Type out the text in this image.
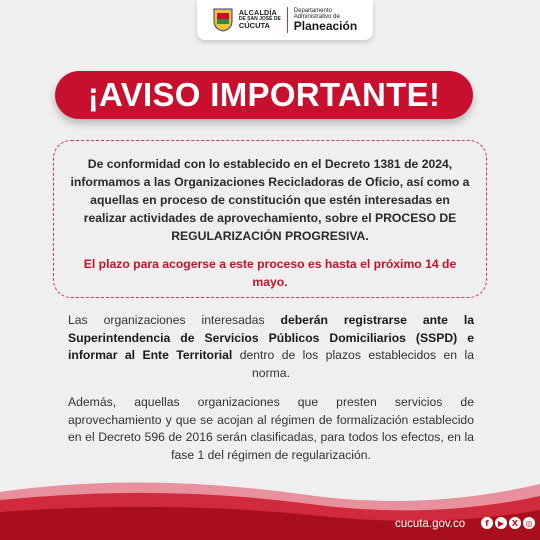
ALCALDÍA
DE SAN JOSÉ DE
CÚCUTA
Departamento
Administrativo de
Planeación
¡AVISO IMPORTANTE!

De conformidad con lo establecido en el Decreto 1381 de 2024, informamos a las Organizaciones Recicladoras de Oficio, así como a aquellas en proceso de constitución que estén interesadas en realizar actividades de aprovechamiento, sobre el PROCESO DE REGULARIZACIÓN PROGRESIVA.

El plazo para acogerse a este proceso es hasta el próximo 14 de mayo.

Las organizaciones interesadas deberán registrarse ante la Superintendencia de Servicios Públicos Domiciliarios (SSPD) e informar al Ente Territorial dentro de los plazos establecidos en la norma.
Además, aquellas organizaciones que presten servicios de aprovechamiento y que se acojan al régimen de formalización establecido en el Decreto 596 de 2016 serán clasificadas, para todos los efectos, en la fase 1 del régimen de regularización.
cucuta.gov.co	f	▶ X ◎
